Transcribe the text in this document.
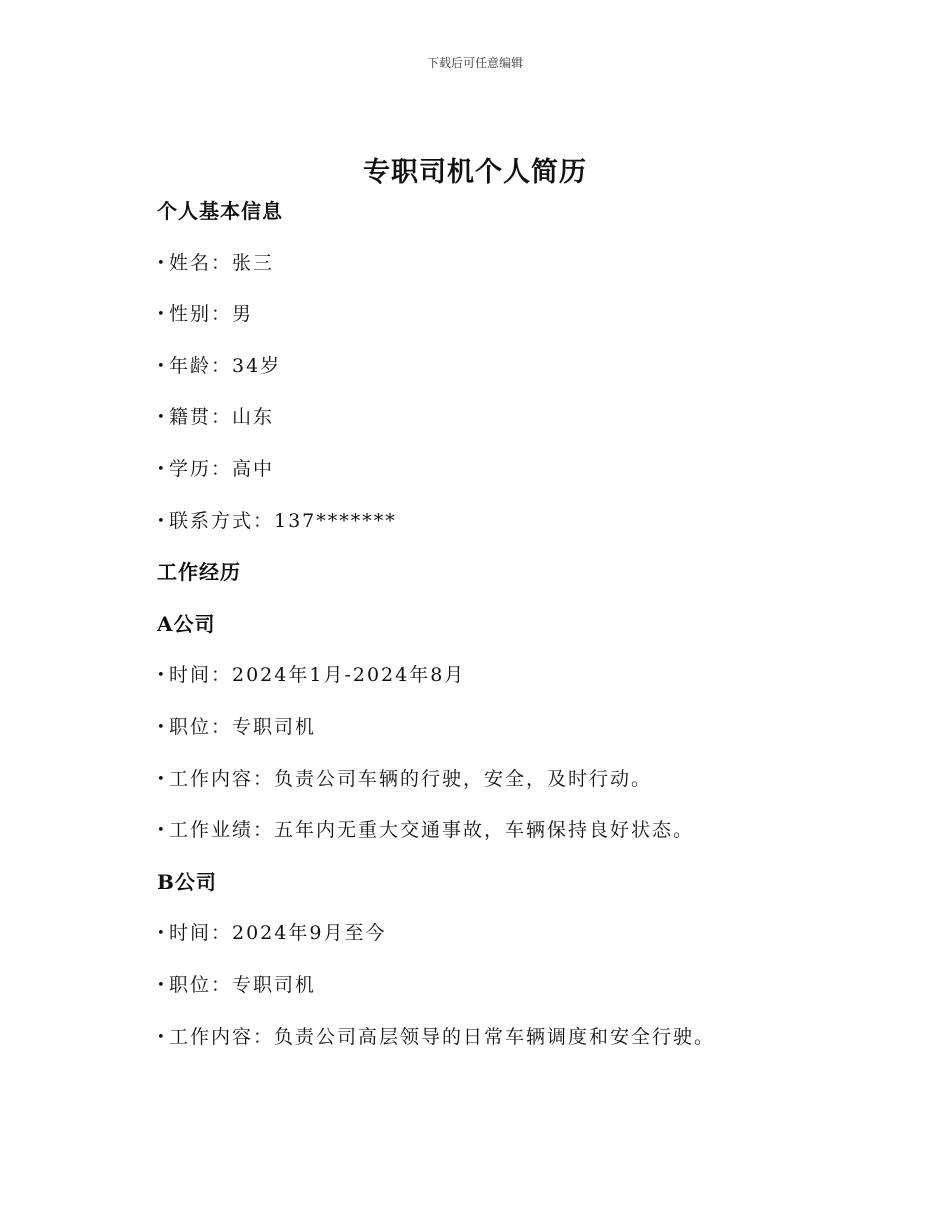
下载后可任意编辑
专职司机个人简历
个人基本信息
•姓名：张三
•性别：男
•年龄：34岁
•籍贯：山东
•学历：高中
•联系方式：137*******
工作经历
A公司
•时间：2024年1月-2024年8月
•职位：专职司机
•工作内容：负责公司车辆的行驶，安全，及时行动。
•工作业绩：五年内无重大交通事故，车辆保持良好状态。
B公司
•时间：2024年9月至今
•职位：专职司机
•工作内容：负责公司高层领导的日常车辆调度和安全行驶。
